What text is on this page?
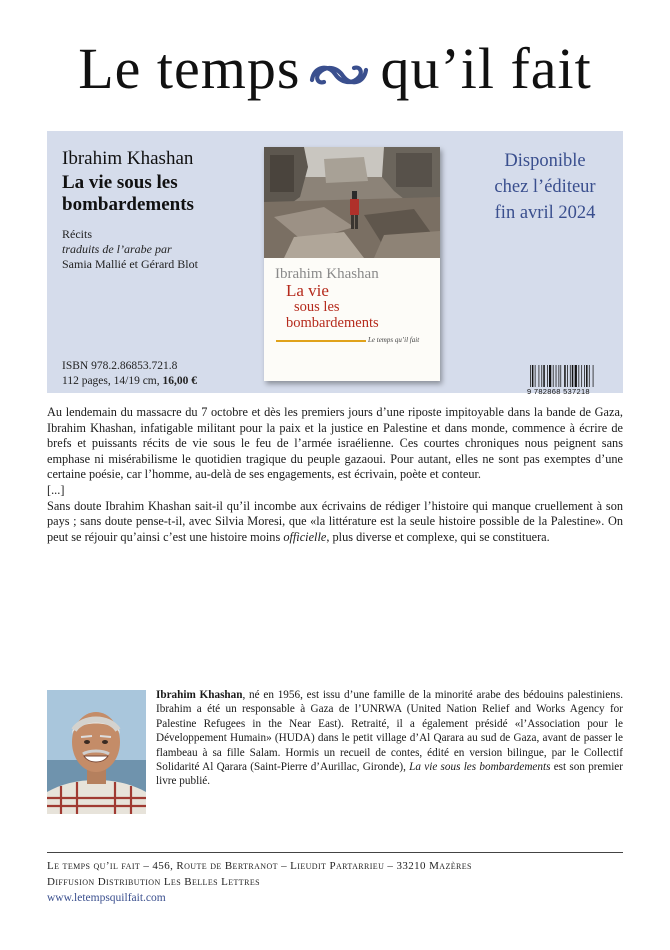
Le temps qu’il fait
Ibrahim Khashan
La vie sous les bombardements
Récits
traduits de l’arabe par
Samia Mallié et Gérard Blot
ISBN 978.2.86853.721.8
112 pages, 14/19 cm, 16,00 €
Ibrahim Khashan
La vie
sous les
bombardements
Le temps qu’il fait
Disponible
chez l’éditeur
fin avril 2024
9 782868 537218

Au lendemain du massacre du 7 octobre et dès les premiers jours d’une riposte impitoyable dans la bande de Gaza, Ibrahim Khashan, infatigable militant pour la paix et la justice en Palestine et dans monde, commence à écrire de brefs et puissants récits de vie sous le feu de l’armée israélienne. Ces courtes chroniques nous peignent sans emphase ni misérabilisme le quotidien tragique du peuple gazaoui. Pour autant, elles ne sont pas exemptes d’une certaine poésie, car l’homme, au-delà de ses engagements, est écrivain, poète et conteur.

[...]

Sans doute Ibrahim Khashan sait-il qu’il incombe aux écrivains de rédiger l’histoire qui manque cruellement à son pays ; sans doute pense-t-il, avec Silvia Moresi, que «la littérature est la seule histoire possible de la Palestine». On peut se réjouir qu’ainsi c’est une histoire moins officielle, plus diverse et complexe, qui se constituera.

Ibrahim Khashan, né en 1956, est issu d’une famille de la minorité arabe des bédouins palestiniens. Ibrahim a été un responsable à Gaza de l’UNRWA (United Nation Relief and Works Agency for Palestine Refugees in the Near East). Retraité, il a également présidé «l’Association pour le Développement Humain» (HUDA) dans le petit village d’Al Qarara au sud de Gaza, avant de passer le flambeau à sa fille Salam. Hormis un recueil de contes, édité en version bilingue, par le Collectif Solidarité Al Qarara (Saint-Pierre d’Aurillac, Gironde), La vie sous les bombardements est son premier livre publié.
Le temps qu’il fait – 456, Route de Bertranot – Lieudit Partarrieu – 33210 Mazères
Diffusion Distribution Les Belles Lettres
www.letempsquilfait.com
